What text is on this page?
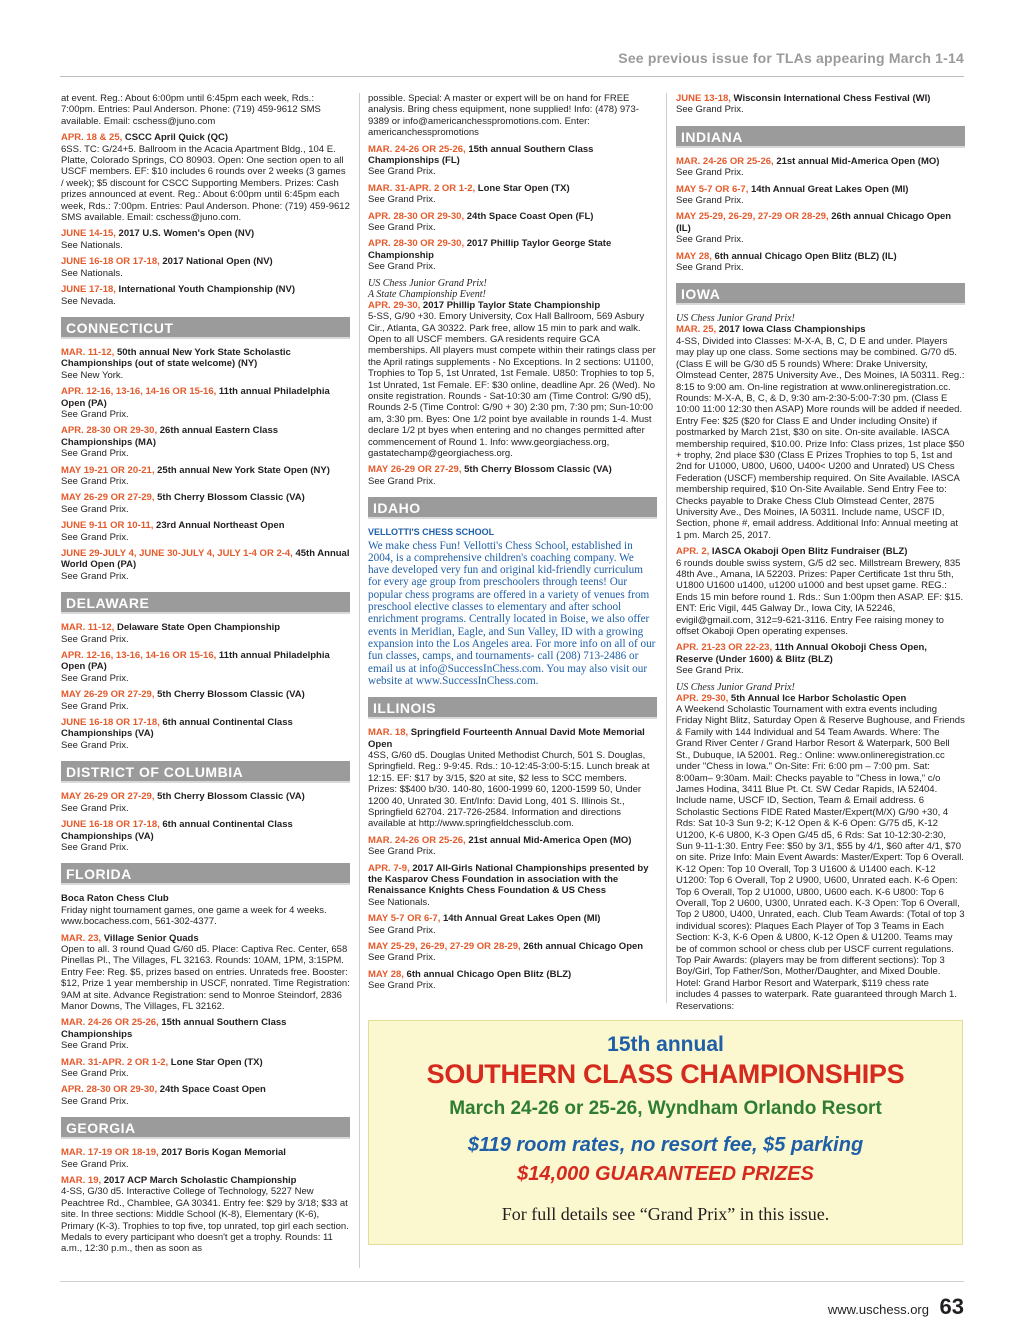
See previous issue for TLAs appearing March 1-14
at event. Reg.: About 6:00pm until 6:45pm each week, Rds.: 7:00pm. Entries: Paul Anderson. Phone: (719) 459-9612 SMS available. Email: cschess@juno.com
APR. 18 & 25, CSCC April Quick (QC)
6SS. TC: G/24+5. Ballroom in the Acacia Apartment Bldg., 104 E. Platte, Colorado Springs, CO 80903. Open: One section open to all USCF members. EF: $10 includes 6 rounds over 2 weeks (3 games / week); $5 discount for CSCC Supporting Members. Prizes: Cash prizes announced at event. Reg.: About 6:00pm until 6:45pm each week, Rds.: 7:00pm. Entries: Paul Anderson. Phone: (719) 459-9612 SMS available. Email: cschess@juno.com.
JUNE 14-15, 2017 U.S. Women's Open (NV)
See Nationals.
JUNE 16-18 OR 17-18, 2017 National Open (NV)
See Nationals.
JUNE 17-18, International Youth Championship (NV)
See Nevada.
CONNECTICUT
MAR. 11-12, 50th annual New York State Scholastic Championships (out of state welcome) (NY)
See New York.
APR. 12-16, 13-16, 14-16 OR 15-16, 11th annual Philadelphia Open (PA)
See Grand Prix.
APR. 28-30 OR 29-30, 26th annual Eastern Class Championships (MA)
See Grand Prix.
MAY 19-21 OR 20-21, 25th annual New York State Open (NY)
See Grand Prix.
MAY 26-29 OR 27-29, 5th Cherry Blossom Classic (VA)
See Grand Prix.
JUNE 9-11 OR 10-11, 23rd Annual Northeast Open
See Grand Prix.
JUNE 29-JULY 4, JUNE 30-JULY 4, JULY 1-4 OR 2-4, 45th Annual World Open (PA)
See Grand Prix.
DELAWARE
MAR. 11-12, Delaware State Open Championship
See Grand Prix.
APR. 12-16, 13-16, 14-16 OR 15-16, 11th annual Philadelphia Open (PA)
See Grand Prix.
MAY 26-29 OR 27-29, 5th Cherry Blossom Classic (VA)
See Grand Prix.
JUNE 16-18 OR 17-18, 6th annual Continental Class Championships (VA)
See Grand Prix.
DISTRICT OF COLUMBIA
MAY 26-29 OR 27-29, 5th Cherry Blossom Classic (VA)
See Grand Prix.
JUNE 16-18 OR 17-18, 6th annual Continental Class Championships (VA)
See Grand Prix.
FLORIDA
Boca Raton Chess Club
Friday night tournament games, one game a week for 4 weeks. www.bocachess.com, 561-302-4377.
MAR. 23, Village Senior Quads
Open to all. 3 round Quad G/60 d5. Place: Captiva Rec. Center, 658 Pinellas Pl., The Villages, FL 32163. Rounds: 10AM, 1PM, 3:15PM. Entry Fee: Reg. $5, prizes based on entries. Unrateds free. Booster: $12, Prize 1 year membership in USCF, nonrated. Time Registration: 9AM at site. Advance Registration: send to Monroe Steindorf, 2836 Manor Downs, The Villages, FL 32162.
MAR. 24-26 OR 25-26, 15th annual Southern Class Championships
See Grand Prix.
MAR. 31-APR. 2 OR 1-2, Lone Star Open (TX)
See Grand Prix.
APR. 28-30 OR 29-30, 24th Space Coast Open
See Grand Prix.
GEORGIA
MAR. 17-19 OR 18-19, 2017 Boris Kogan Memorial
See Grand Prix.
MAR. 19, 2017 ACP March Scholastic Championship
4-SS, G/30 d5. Interactive College of Technology, 5227 New Peachtree Rd., Chamblee, GA 30341. Entry fee: $29 by 3/18; $33 at site. In three sections: Middle School (K-8), Elementary (K-6), Primary (K-3). Trophies to top five, top unrated, top girl each section. Medals to every participant who doesn't get a trophy. Rounds: 11 a.m., 12:30 p.m., then as soon as
possible. Special: A master or expert will be on hand for FREE analysis. Bring chess equipment, none supplied! Info: (478) 973-9389 or info@americanchesspromotions.com. Enter: americanchesspromotions
MAR. 24-26 OR 25-26, 15th annual Southern Class Championships (FL)
See Grand Prix.
MAR. 31-APR. 2 OR 1-2, Lone Star Open (TX)
See Grand Prix.
APR. 28-30 OR 29-30, 24th Space Coast Open (FL)
See Grand Prix.
APR. 28-30 OR 29-30, 2017 Phillip Taylor George State Championship
See Grand Prix.
US Chess Junior Grand Prix!
A State Championship Event!
APR. 29-30, 2017 Phillip Taylor State Championship
5-SS, G/90 +30. Emory University, Cox Hall Ballroom, 569 Asbury Cir., Atlanta, GA 30322. Park free, allow 15 min to park and walk. Open to all USCF members. GA residents require GCA memberships. All players must compete within their ratings class per the April ratings supplements - No Exceptions. In 2 sections: U1100, Trophies to Top 5, 1st Unrated, 1st Female. U850: Trophies to top 5, 1st Unrated, 1st Female. EF: $30 online, deadline Apr. 26 (Wed). No onsite registration. Rounds - Sat-10:30 am (Time Control: G/90 d5), Rounds 2-5 (Time Control: G/90 + 30) 2:30 pm, 7:30 pm; Sun-10:00 am, 3:30 pm. Byes: One 1/2 point bye available in rounds 1-4. Must declare 1/2 pt byes when entering and no changes permitted after commencement of Round 1. Info: www.georgiachess.org, gastatechamp@georgiachess.org.
MAY 26-29 OR 27-29, 5th Cherry Blossom Classic (VA)
See Grand Prix.
IDAHO
VELLOTTI'S CHESS SCHOOL
We make chess Fun! Vellotti's Chess School, established in 2004, is a comprehensive children's coaching company. We have developed very fun and original kid-friendly curriculum for every age group from preschoolers through teens! Our popular chess programs are offered in a variety of venues from preschool elective classes to elementary and after school enrichment programs. Centrally located in Boise, we also offer events in Meridian, Eagle, and Sun Valley, ID with a growing expansion into the Los Angeles area. For more info on all of our fun classes, camps, and tournaments- call (208) 713-2486 or email us at info@SuccessInChess.com. You may also visit our website at www.SuccessInChess.com.
ILLINOIS
MAR. 18, Springfield Fourteenth Annual David Mote Memorial Open
4SS, G/60 d5. Douglas United Methodist Church, 501 S. Douglas, Springfield. Reg.: 9-9:45. Rds.: 10-12:45-3:00-5:15. Lunch break at 12:15. EF: $17 by 3/15, $20 at site, $2 less to SCC members. Prizes: $$400 b/30. 140-80, 1600-1999 60, 1200-1599 50, Under 1200 40, Unrated 30. Ent/Info: David Long, 401 S. Illinois St., Springfield 62704. 217-726-2584. Information and directions available at http://www.springfieldchessclub.com.
MAR. 24-26 OR 25-26, 21st annual Mid-America Open (MO)
See Grand Prix.
APR. 7-9, 2017 All-Girls National Championships presented by the Kasparov Chess Foundation in association with the Renaissance Knights Chess Foundation & US Chess
See Nationals.
MAY 5-7 OR 6-7, 14th Annual Great Lakes Open (MI)
See Grand Prix.
MAY 25-29, 26-29, 27-29 OR 28-29, 26th annual Chicago Open
See Grand Prix.
MAY 28, 6th annual Chicago Open Blitz (BLZ)
See Grand Prix.
JUNE 13-18, Wisconsin International Chess Festival (WI)
See Grand Prix.
INDIANA
MAR. 24-26 OR 25-26, 21st annual Mid-America Open (MO)
See Grand Prix.
MAY 5-7 OR 6-7, 14th Annual Great Lakes Open (MI)
See Grand Prix.
MAY 25-29, 26-29, 27-29 OR 28-29, 26th annual Chicago Open (IL)
See Grand Prix.
MAY 28, 6th annual Chicago Open Blitz (BLZ) (IL)
See Grand Prix.
IOWA
US Chess Junior Grand Prix!
MAR. 25, 2017 Iowa Class Championships
4-SS, Divided into Classes: M-X-A, B, C, D E and under. Players may play up one class. Some sections may be combined. G/70 d5. (Class E will be G/30 d5 5 rounds) Where: Drake University, Olmstead Center, 2875 University Ave., Des Moines, IA 50311. Reg.: 8:15 to 9:00 am. On-line registration at www.onlineregistration.cc. Rounds: M-X-A, B, C, & D, 9:30 am-2:30-5:00-7:30 pm. (Class E 10:00 11:00 12:30 then ASAP) More rounds will be added if needed. Entry Fee: $25 ($20 for Class E and Under including Onsite) if postmarked by March 21st, $30 on site. On-site available. IASCA membership required, $10.00. Prize Info: Class prizes, 1st place $50 + trophy, 2nd place $30 (Class E Prizes Trophies to top 5, 1st and 2nd for U1000, U800, U600, U400< U200 and Unrated) US Chess Federation (USCF) membership required. On Site Available. IASCA membership required, $10 On-Site Available. Send Entry Fee to: Checks payable to Drake Chess Club Olmstead Center, 2875 University Ave., Des Moines, IA 50311. Include name, USCF ID, Section, phone #, email address. Additional Info: Annual meeting at 1 pm. March 25, 2017.
APR. 2, IASCA Okaboji Open Blitz Fundraiser (BLZ)
6 rounds double swiss system, G/5 d2 sec. Millstream Brewery, 835 48th Ave., Amana, IA 52203. Prizes: Paper Certificate 1st thru 5th, U1800 U1600 u1400, u1200 u1000 and best upset game. REG.: Ends 15 min before round 1. Rds.: Sun 1:00pm then ASAP. EF: $15. ENT: Eric Vigil, 445 Galway Dr., Iowa City, IA 52246, evigil@gmail.com, 312=9-621-3116. Entry Fee raising money to offset Okaboji Open operating expenses.
APR. 21-23 OR 22-23, 11th Annual Okoboji Chess Open, Reserve (Under 1600) & Blitz (BLZ)
See Grand Prix.
US Chess Junior Grand Prix!
APR. 29-30, 5th Annual Ice Harbor Scholastic Open
A Weekend Scholastic Tournament with extra events including Friday Night Blitz, Saturday Open & Reserve Bughouse, and Friends & Family with 144 Individual and 54 Team Awards. Where: The Grand River Center / Grand Harbor Resort & Waterpark, 500 Bell St., Dubuque, IA 52001. Reg.: Online: www.onlineregistration.cc under "Chess in Iowa." On-Site: Fri: 6:00 pm – 7:00 pm. Sat: 8:00am– 9:30am. Mail: Checks payable to "Chess in Iowa," c/o James Hodina, 3411 Blue Pt. Ct. SW Cedar Rapids, IA 52404. Include name, USCF ID, Section, Team & Email address. 6 Scholastic Sections FIDE Rated Master/Expert(M/X) G/90 +30, 4 Rds: Sat 10-3 Sun 9-2; K-12 Open & K-6 Open: G/75 d5, K-12 U1200, K-6 U800, K-3 Open G/45 d5, 6 Rds: Sat 10-12:30-2:30, Sun 9-11-1:30. Entry Fee: $50 by 3/1, $55 by 4/1, $60 after 4/1, $70 on site. Prize Info: Main Event Awards: Master/Expert: Top 6 Overall. K-12 Open: Top 10 Overall, Top 3 U1600 & U1400 each. K-12 U1200: Top 6 Overall, Top 2 U900, U600, Unrated each. K-6 Open: Top 6 Overall, Top 2 U1000, U800, U600 each. K-6 U800: Top 6 Overall, Top 2 U600, U300, Unrated each. K-3 Open: Top 6 Overall, Top 2 U800, U400, Unrated, each. Club Team Awards: (Total of top 3 individual scores): Plaques Each Player of Top 3 Teams in Each Section: K-3, K-6 Open & U800, K-12 Open & U1200. Teams may be of common school or chess club per USCF current regulations. Top Pair Awards: (players may be from different sections): Top 3 Boy/Girl, Top Father/Son, Mother/Daughter, and Mixed Double. Hotel: Grand Harbor Resort and Waterpark, $119 chess rate includes 4 passes to waterpark. Rate guaranteed through March 1. Reservations:
15th annual
SOUTHERN CLASS CHAMPIONSHIPS
March 24-26 or 25-26, Wyndham Orlando Resort
$119 room rates, no resort fee, $5 parking
$14,000 GUARANTEED PRIZES
For full details see “Grand Prix” in this issue.
www.uschess.org 63
